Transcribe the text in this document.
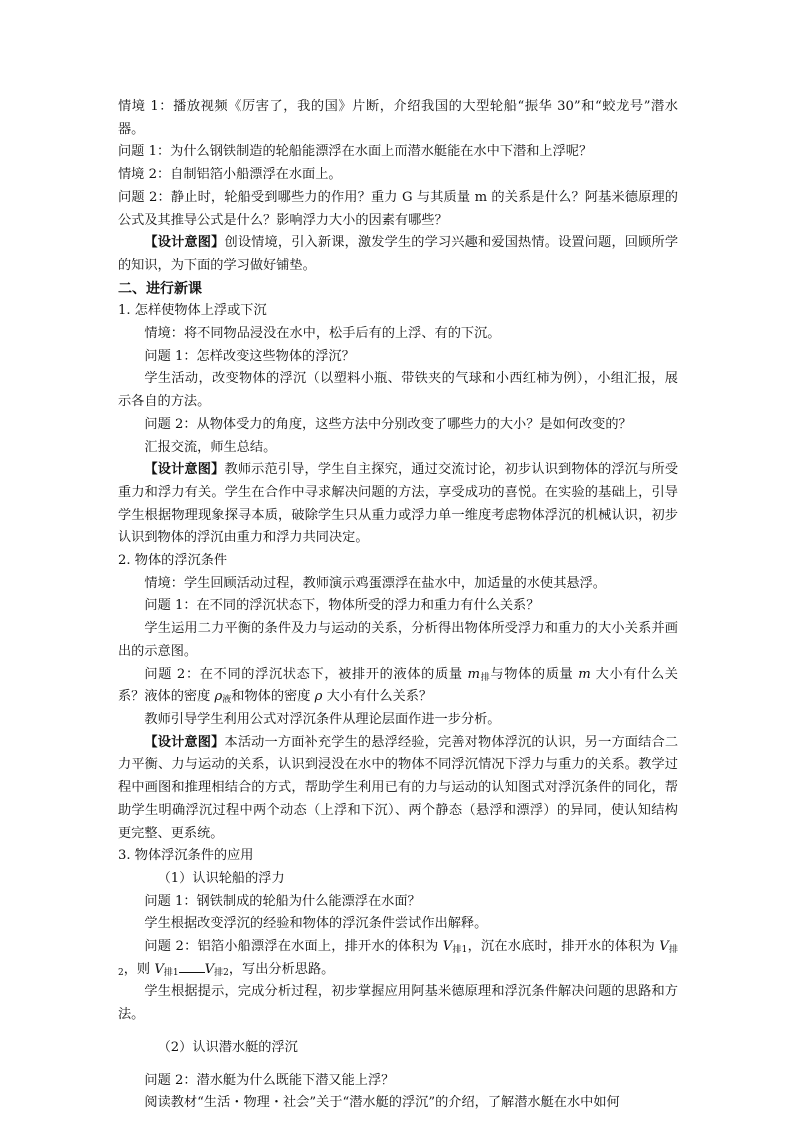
情境 1：播放视频《厉害了，我的国》片断，介绍我国的大型轮船“振华 30”和“蛟龙号”潜水器。

问题 1：为什么钢铁制造的轮船能漂浮在水面上而潜水艇能在水中下潜和上浮呢？

情境 2：自制铝箔小船漂浮在水面上。

问题 2：静止时，轮船受到哪些力的作用？重力 G 与其质量 m 的关系是什么？阿基米德原理的公式及其推导公式是什么？影响浮力大小的因素有哪些？

【设计意图】创设情境，引入新课，激发学生的学习兴趣和爱国热情。设置问题，回顾所学的知识，为下面的学习做好铺垫。

二、进行新课

1. 怎样使物体上浮或下沉

情境：将不同物品浸没在水中，松手后有的上浮、有的下沉。

问题 1：怎样改变这些物体的浮沉？

学生活动，改变物体的浮沉（以塑料小瓶、带铁夹的气球和小西红柿为例），小组汇报，展示各自的方法。

问题 2：从物体受力的角度，这些方法中分别改变了哪些力的大小？是如何改变的？

汇报交流，师生总结。

【设计意图】教师示范引导，学生自主探究，通过交流讨论，初步认识到物体的浮沉与所受重力和浮力有关。学生在合作中寻求解决问题的方法，享受成功的喜悦。在实验的基础上，引导学生根据物理现象探寻本质，破除学生只从重力或浮力单一维度考虑物体浮沉的机械认识，初步认识到物体的浮沉由重力和浮力共同决定。

2. 物体的浮沉条件

情境：学生回顾活动过程，教师演示鸡蛋漂浮在盐水中，加适量的水使其悬浮。

问题 1：在不同的浮沉状态下，物体所受的浮力和重力有什么关系？

学生运用二力平衡的条件及力与运动的关系，分析得出物体所受浮力和重力的大小关系并画出的示意图。

问题 2：在不同的浮沉状态下，被排开的液体的质量 $m_排$与物体的质量 m 大小有什么关系？液体的密度 $\rho_液$和物体的密度 ρ 大小有什么关系？

教师引导学生利用公式对浮沉条件从理论层面作进一步分析。

【设计意图】本活动一方面补充学生的悬浮经验，完善对物体浮沉的认识，另一方面结合二力平衡、力与运动的关系，认识到浸没在水中的物体不同浮沉情况下浮力与重力的关系。教学过程中画图和推理相结合的方式，帮助学生利用已有的力与运动的认知图式对浮沉条件的同化，帮助学生明确浮沉过程中两个动态（上浮和下沉）、两个静态（悬浮和漂浮）的异同，使认知结构更完整、更系统。

3. 物体浮沉条件的应用

（1）认识轮船的浮力

问题 1：钢铁制成的轮船为什么能漂浮在水面？

学生根据改变浮沉的经验和物体的浮沉条件尝试作出解释。

问题 2：铝箔小船漂浮在水面上，排开水的体积为 $V_{排1}$，沉在水底时，排开水的体积为 $V_{排2}$，则 $V_{排1}$ $V_{排2}$，写出分析思路。

学生根据提示，完成分析过程，初步掌握应用阿基米德原理和浮沉条件解决问题的思路和方法。

（2）认识潜水艇的浮沉

问题 2：潜水艇为什么既能下潜又能上浮？

阅读教材“生活・物理・社会”关于“潜水艇的浮沉”的介绍，了解潜水艇在水中如何
